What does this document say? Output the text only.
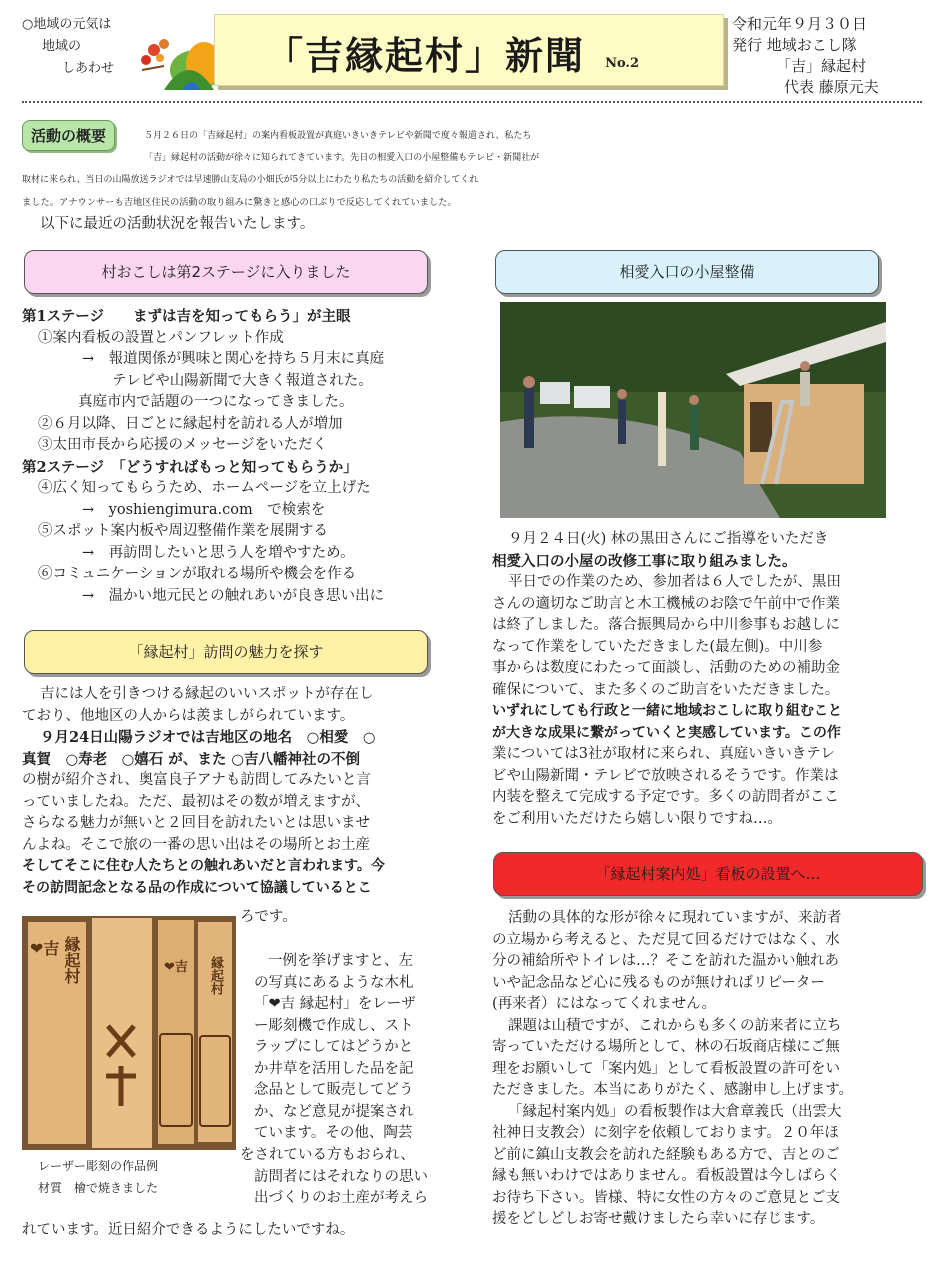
○地域の元気は
地域の
しあわせ	「吉縁起村」新聞	No.2
令和元年９月３０日
発行 地域おこし隊
「吉」縁起村
代表 藤原元夫
活動の概要	５月２６日の「吉縁起村」の案内看板設置が真庭いきいきテレビや新聞で度々報道され、私たち
「吉」縁起村の活動が徐々に知られてきています。先日の相愛入口の小屋整備もテレビ・新聞社が
取材に来られ、当日の山陽放送ラジオでは早速勝山支局の小畑氏が5分以上にわたり私たちの活動を紹介してくれ
ました。アナウンサーも吉地区住民の活動の取り組みに驚きと感心の口ぶりで反応してくれていました。
以下に最近の活動状況を報告いたします。
村おこしは第2ステージに入りました
第1ステージ　　まずは吉を知ってもらう」が主眼
①案内看板の設置とパンフレット作成
→　報道関係が興味と関心を持ち５月末に真庭
テレビや山陽新聞で大きく報道された。
真庭市内で話題の一つになってきました。
②６月以降、日ごとに縁起村を訪れる人が増加
③太田市長から応援のメッセージをいただく
第2ステージ　「どうすればもっと知ってもらうか」
④広く知ってもらうため、ホームページを立上げた
→　yoshiengimura.com　で検索を
⑤スポット案内板や周辺整備作業を展開する
→　再訪問したいと思う人を増やすため。
⑥コミュニケーションが取れる場所や機会を作る
→　温かい地元民との触れあいが良き思い出に
「縁起村」訪問の魅力を探す
吉には人を引きつける縁起のいいスポットが存在し
ており、他地区の人からは羨ましがられています。
９月24日山陽ラジオでは吉地区の地名　○相愛　○
真賀　○寿老　○嬉石 が、また ○吉八幡神社の不倒
の樹が紹介され、奥富良子アナも訪問してみたいと言
っていましたね。ただ、最初はその数が増えますが、
さらなる魅力が無いと２回目を訪れたいとは思いませ
んよね。そこで旅の一番の思い出はその場所とお土産
そしてそこに住む人たちとの触れあいだと言われます。今
その訪問記念となる品の作成について協議しているとこ
ろです。
❤吉 縁起村	❤吉 縁起村
レーザー彫刻の作品例
材質　檜で焼きました
一例を挙げますと、左
の写真にあるような木札
「❤吉 縁起村」をレーザ
ー彫刻機で作成し、スト
ラップにしてはどうかと
か井草を活用した品を記
念品として販売してどう
か、など意見が提案され
ています。その他、陶芸
をされている方もおられ、
訪問者にはそれなりの思い
出づくりのお土産が考えら
れています。近日紹介できるようにしたいですね。
相愛入口の小屋整備
９月２４日(火) 林の黒田さんにご指導をいただき
相愛入口の小屋の改修工事に取り組みました。
平日での作業のため、参加者は６人でしたが、黒田
さんの適切なご助言と木工機械のお陰で午前中で作業
は終了しました。落合振興局から中川参事もお越しに
なって作業をしていただきました(最左側)。中川参
事からは数度にわたって面談し、活動のための補助金
確保について、また多くのご助言をいただきました。
いずれにしても行政と一緒に地域おこしに取り組むこと
が大きな成果に繋がっていくと実感しています。この作
業については3社が取材に来られ、真庭いきいきテレ
ビや山陽新聞・テレビで放映されるそうです。作業は
内装を整えて完成する予定です。多くの訪問者がここ
をご利用いただけたら嬉しい限りですね…。
「縁起村案内処」看板の設置へ…
活動の具体的な形が徐々に現れていますが、来訪者
の立場から考えると、ただ見て回るだけではなく、水
分の補給所やトイレは…？そこを訪れた温かい触れあ
いや記念品など心に残るものが無ければリピーター
(再来者）にはなってくれません。
課題は山積ですが、これからも多くの訪来者に立ち
寄っていただける場所として、林の石坂商店様にご無
理をお願いして「案内処」として看板設置の許可をい
ただきました。本当にありがたく、感謝申し上げます。
「縁起村案内処」の看板製作は大倉章義氏（出雲大
社神日支教会）に刻字を依頼しております。２０年ほ
ど前に鎮山支教会を訪れた経験もある方で、吉とのご
縁も無いわけではありません。看板設置は今しばらく
お待ち下さい。皆様、特に女性の方々のご意見とご支
援をどしどしお寄せ戴けましたら幸いに存じます。
